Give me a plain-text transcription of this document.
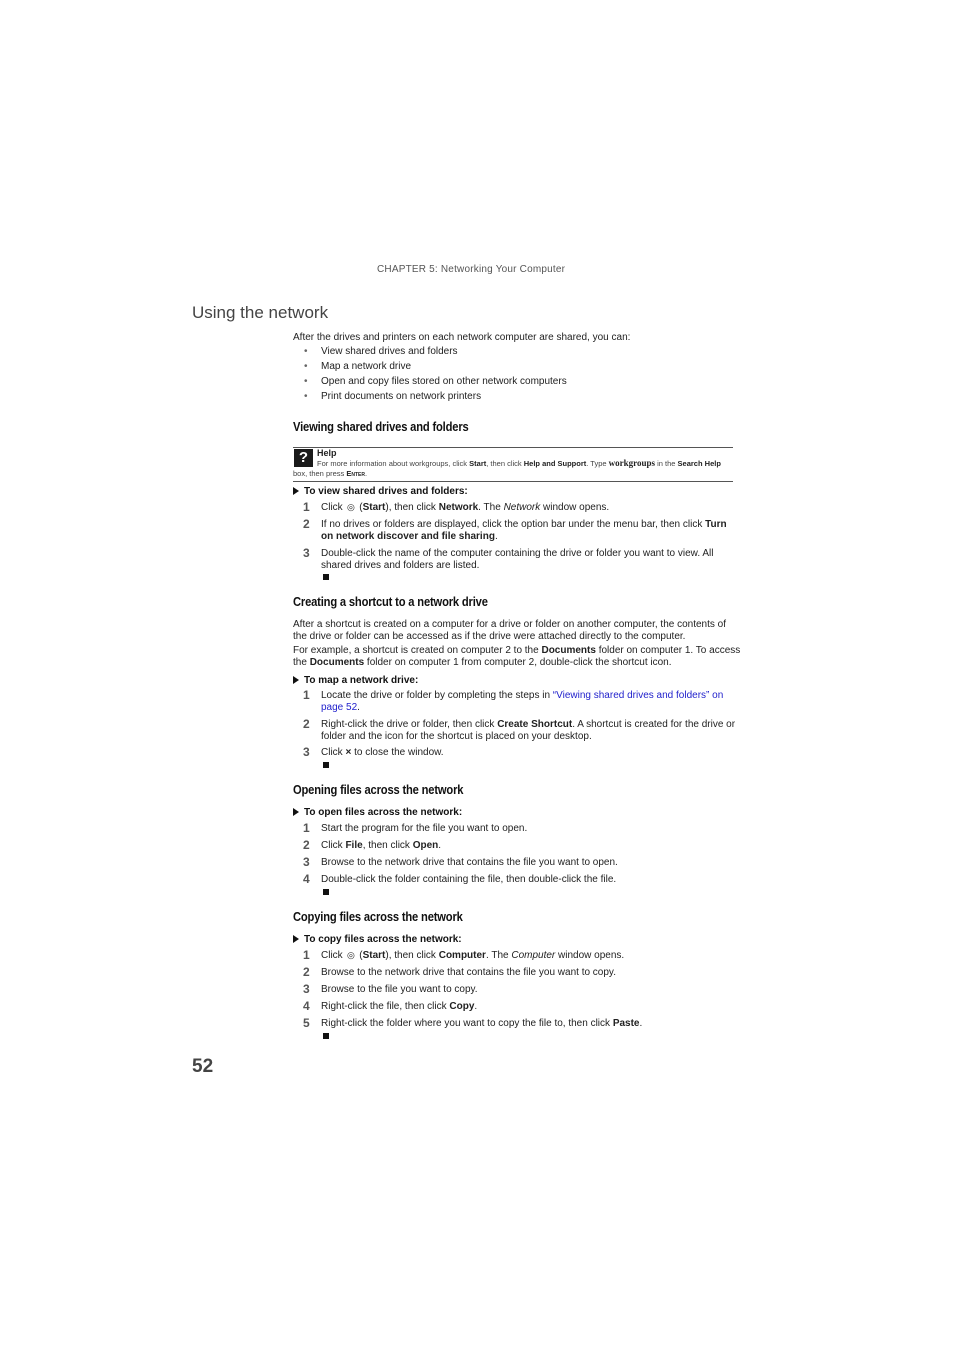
CHAPTER 5: Networking Your Computer
Using the network
After the drives and printers on each network computer are shared, you can:
• View shared drives and folders
• Map a network drive
• Open and copy files stored on other network computers
• Print documents on network printers
Viewing shared drives and folders
? Help
For more information about workgroups, click Start, then click Help and Support. Type workgroups in the Search Help box, then press Enter.
To view shared drives and folders:
1 Click ◎ (Start), then click Network. The Network window opens.
2 If no drives or folders are displayed, click the option bar under the menu bar, then click Turn on network discover and file sharing.
3 Double-click the name of the computer containing the drive or folder you want to view. All shared drives and folders are listed.
Creating a shortcut to a network drive
After a shortcut is created on a computer for a drive or folder on another computer, the contents of the drive or folder can be accessed as if the drive were attached directly to the computer.
For example, a shortcut is created on computer 2 to the Documents folder on computer 1. To access the Documents folder on computer 1 from computer 2, double-click the shortcut icon.
To map a network drive:
1 Locate the drive or folder by completing the steps in “Viewing shared drives and folders” on page 52.
2 Right-click the drive or folder, then click Create Shortcut. A shortcut is created for the drive or folder and the icon for the shortcut is placed on your desktop.
3 Click × to close the window.
Opening files across the network
To open files across the network:
1 Start the program for the file you want to open.
2 Click File, then click Open.
3 Browse to the network drive that contains the file you want to open.
4 Double-click the folder containing the file, then double-click the file.
Copying files across the network
To copy files across the network:
1 Click ◎ (Start), then click Computer. The Computer window opens.
2 Browse to the network drive that contains the file you want to copy.
3 Browse to the file you want to copy.
4 Right-click the file, then click Copy.
5 Right-click the folder where you want to copy the file to, then click Paste.
52
